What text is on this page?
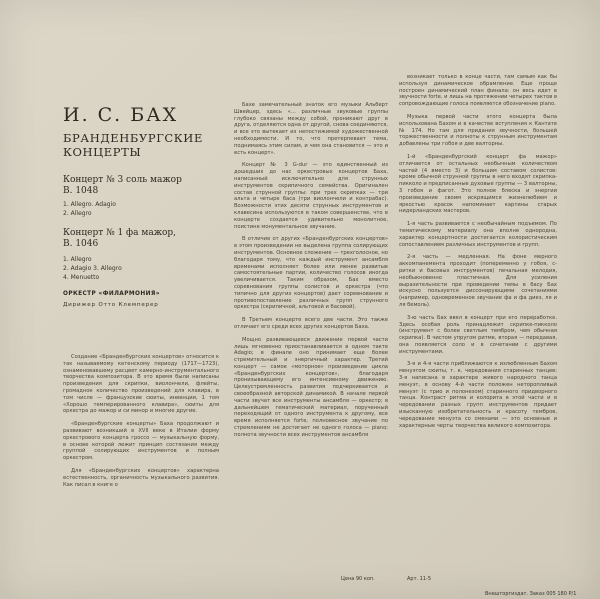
И. С. БАХ
БРАНДЕНБУРГСКИЕ КОНЦЕРТЫ
Концерт № 3 соль мажор
B. 1048
1. Allegro. Adagio
2. Allegro
Концерт № 1 фа мажор,
B. 1046
1. Allegro
2. Adagio 3. Allegro
4. Menuetto
ОРКЕСТР «ФИЛАРМОНИЯ»
Дирижер Отто Клемперер

Создание «Бранденбургских концертов» относится к так называемому кетенскому периоду (1717—1723), ознаменовавшему расцвет камерно-инструментального творчества композитора. В это время были написаны произведения для скрипки, виолончели, флейты, громадное количество произведений для клавира, в том числе — французские сюиты, инвенции, 1 том «Хорошо темперированного клавира», сюиты для оркестра до мажор и си минор и многие другие.

«Бранденбургские концерты» Баха продолжают и развивают возникший в XVII веке в Италии форму оркестрового концерта гроссо — музыкальную форму, в основе которой лежит принцип состязания между группой солирующих инструментов и полным оркестром.

Для «Бранденбургских концертов» характерна естественность, органичность музыкального развития. Как писал в книге о

Бахе замечательный знаток его музыки Альберт Швейцер, здесь «... различные звуковые группы глубоко связаны между собой, проникают друг в друга, отделяются одна от другой, снова соединяются, и все это вытекает из непостижимой художественной необходимости. И то, что претерпевает тема, поднимаясь этим силам, и чем она становится — это и есть концерт».

Концерт № 3 G-dur — это единственный из дошедших до нас оркестровых концертов Баха, написанный исключительно для струнных инструментов скрипичного семейства. Оригинален состав струнной группы: при трех скрипках — три альта и четыре баса (три виолончели и контрабас). Возможности этих десяти струнных инструментов и клавесина используются в таком совершенстве, что в концерте создается удивительно монолитное, поистине монументальное звучание.

В отличие от других «Бранденбургских концертов» в этом произведении не выделена группа солирующих инструментов. Основное сложение — трехголосное, но благодаря тому, что каждый инструмент ансамбля временами исполняет более или менее развитые самостоятельные партии, количество голосов иногда увеличивается. Таким образом, Бах вместо соревнования группы солистов и оркестра (что типично для других концертов) дает соревнование и противопоставление различных групп струнного оркестра (скрипичной, альтовой и басовой).

В Третьем концерте всего две части. Это также отличает его среди всех других концертов Баха.

Мощно развивающееся движение первой части лишь мгновенно приостанавливается в одном такте Adagio; в финале оно принимает еще более стремительный и энергичный характер. Третий концерт — самое «моторное» произведение цикла «Бранденбургских концертов», благодаря пронизывающему его интенсивному движению. Целеустремленность развития подчеркивается и своеобразной авторской динамикой. В начале первой части звучат все инструменты ансамбля — оркестр; в дальнейшем тематический материал, порученный переходящий от одного инструмента к другому, все время исполняется forte, полновесное звучание по стремлениям не достигает не одного голоса — piano; полнота звучности всех инструментов ансамбля

возникает только в конце части, там самым как бы используя динамическое обрамление. Еще проще построен динамический план финала: он весь идет в звучности forte, и лишь на протяжении четырех тактов в сопровождающие голоса появляется обозначение piano.

Музыка первой части этого концерта была использована Бахом и в качестве вступления к Кантате № 174. Но там для придания звучности, большей торжественности и полноты к струнным инструментам добавлены три гобоя и две валторны.

1-й «Бранденбургский концерт фа мажор» отличается от остальных необычным количеством частей (4 вместо 3) и большим составом солистов: кроме обычной струнной группы в него входят скрипка-пикколо и предписанные духовые группы — 3 валторны, 3 гобоя и фагот. Это полное блеска и энергии произведение своим искрящимся жизнелюбием и яркостью красок напоминает картины старых нидерландских мастеров.

1-я часть развивается с необычайным подъемом. По тематическому материалу она вполне однородна, характер концертности достигается колористическим сопоставлением различных инструментов и групп.

2-я часть — медленная. На фоне мерного аккомпанемента проходит (попеременно у гобоя, с-ритки и басовых инструментов) печальная мелодия, необыкновенно пластичная. Для усиления выразительности при проведении темы в басу Бах искусно пользуется диссонирующими сочетаниями (например, одновременное звучание фа и фа диез, ля и ля бемоль).

3-ю часть Бах ввел в концерт при его переработке. Здесь особая роль принадлежит скрипке-пикколо (инструмент с более светлым тембром, чем обычная скрипка). В чистом упругом ритме, вторая — передавая, она появляется соло и в сочетании с другими инструментами.

3-я и 4-я части приближаются к излюбленным Бахом менуэтом сюиты, т. к. чередования старинных танцев: 3-я написана в характере живого народного танца менуэт, в основу 4-й части положен неторопливый менуэт (с трио и полонезом) старинного придворного танца. Контраст ритма и колорита в этой части и в чередовании разных групп инструментов придает изысканную изобретательность и красоту тембров, чередование менуэта со сменами — это основные и характерные черты творчества великого композитора.

Цена 90 коп.	Арт. 11-5
Внешторгиздат. Заказ 005 180 Р/1
